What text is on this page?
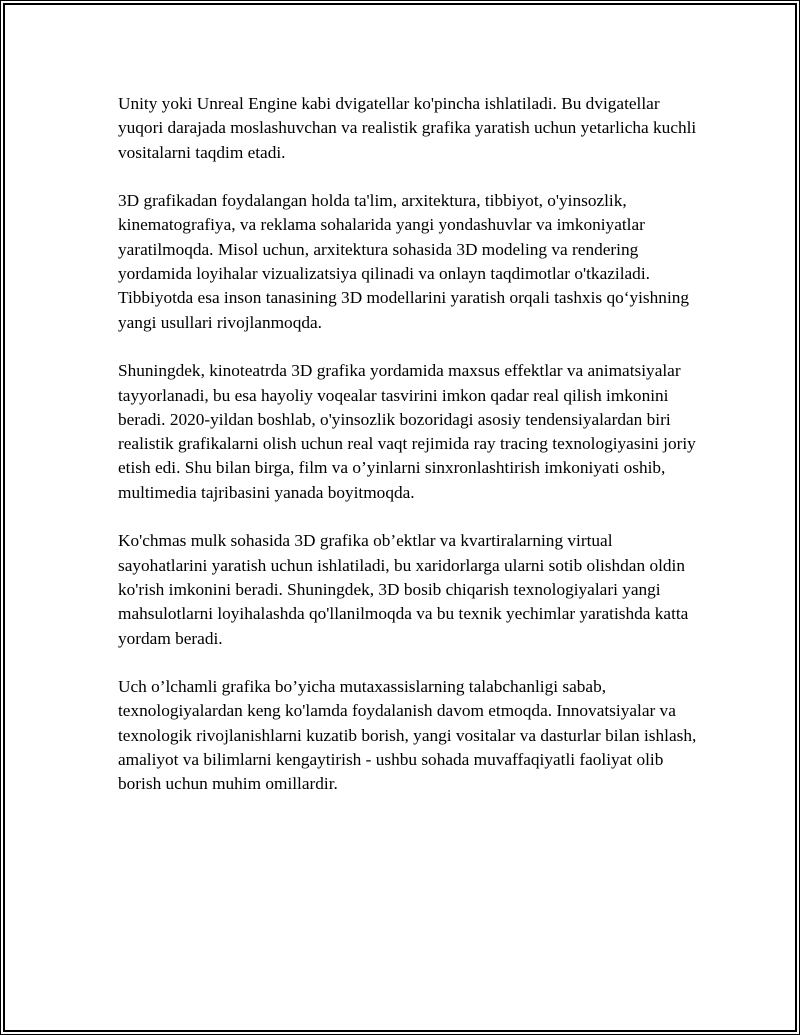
Unity yoki Unreal Engine kabi dvigatellar ko'pincha ishlatiladi. Bu dvigatellar yuqori darajada moslashuvchan va realistik grafika yaratish uchun yetarlicha kuchli vositalarni taqdim etadi.

3D grafikadan foydalangan holda ta'lim, arxitektura, tibbiyot, o'yinsozlik, kinematografiya, va reklama sohalarida yangi yondashuvlar va imkoniyatlar yaratilmoqda. Misol uchun, arxitektura sohasida 3D modeling va rendering yordamida loyihalar vizualizatsiya qilinadi va onlayn taqdimotlar o'tkaziladi. Tibbiyotda esa inson tanasining 3D modellarini yaratish orqali tashxis qo‘yishning yangi usullari rivojlanmoqda.

Shuningdek, kinoteatrda 3D grafika yordamida maxsus effektlar va animatsiyalar tayyorlanadi, bu esa hayoliy voqealar tasvirini imkon qadar real qilish imkonini beradi. 2020-yildan boshlab, o'yinsozlik bozoridagi asosiy tendensiyalardan biri realistik grafikalarni olish uchun real vaqt rejimida ray tracing texnologiyasini joriy etish edi. Shu bilan birga, film va o’yinlarni sinxronlashtirish imkoniyati oshib, multimedia tajribasini yanada boyitmoqda.

Ko'chmas mulk sohasida 3D grafika ob’ektlar va kvartiralarning virtual sayohatlarini yaratish uchun ishlatiladi, bu xaridorlarga ularni sotib olishdan oldin ko'rish imkonini beradi. Shuningdek, 3D bosib chiqarish texnologiyalari yangi mahsulotlarni loyihalashda qo'llanilmoqda va bu texnik yechimlar yaratishda katta yordam beradi.

Uch o’lchamli grafika bo’yicha mutaxassislarning talabchanligi sabab, texnologiyalardan keng ko'lamda foydalanish davom etmoqda. Innovatsiyalar va texnologik rivojlanishlarni kuzatib borish, yangi vositalar va dasturlar bilan ishlash, amaliyot va bilimlarni kengaytirish - ushbu sohada muvaffaqiyatli faoliyat olib borish uchun muhim omillardir.
